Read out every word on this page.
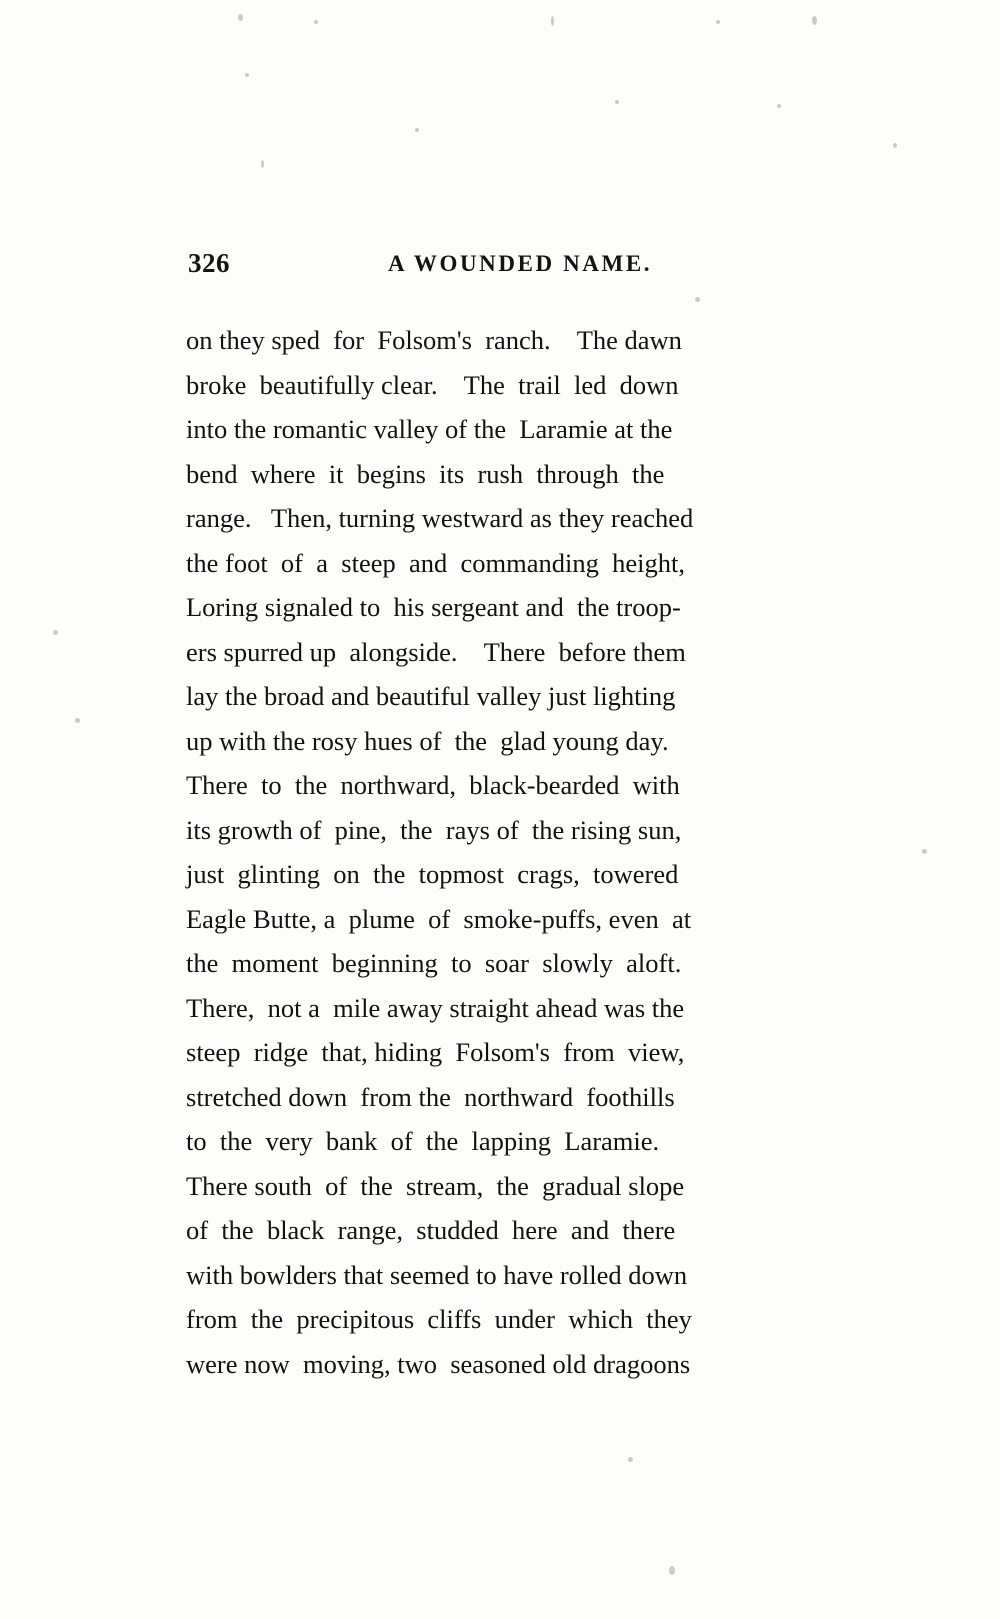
326	A WOUNDED NAME.
on they sped  for  Folsom's  ranch.    The dawn
broke  beautifully clear.    The  trail  led  down
into the romantic valley of the  Laramie at the
bend  where  it  begins  its  rush  through  the
range.   Then, turning westward as they reached
the foot  of  a  steep  and  commanding  height,
Loring signaled to  his sergeant and  the troop-
ers spurred up  alongside.    There  before them
lay the broad and beautiful valley just lighting
up with the rosy hues of  the  glad young day.
There  to  the  northward,  black-bearded  with
its growth of  pine,  the  rays of  the rising sun,
just  glinting  on  the  topmost  crags,  towered
Eagle Butte, a  plume  of  smoke-puffs, even  at
the  moment  beginning  to  soar  slowly  aloft.
There,  not a  mile away straight ahead was the
steep  ridge  that, hiding  Folsom's  from  view,
stretched down  from the  northward  foothills
to  the  very  bank  of  the  lapping  Laramie.
There south  of  the  stream,  the  gradual slope
of  the  black  range,  studded  here  and  there
with bowlders that seemed to have rolled down
from  the  precipitous  cliffs  under  which  they
were now  moving, two  seasoned old dragoons
